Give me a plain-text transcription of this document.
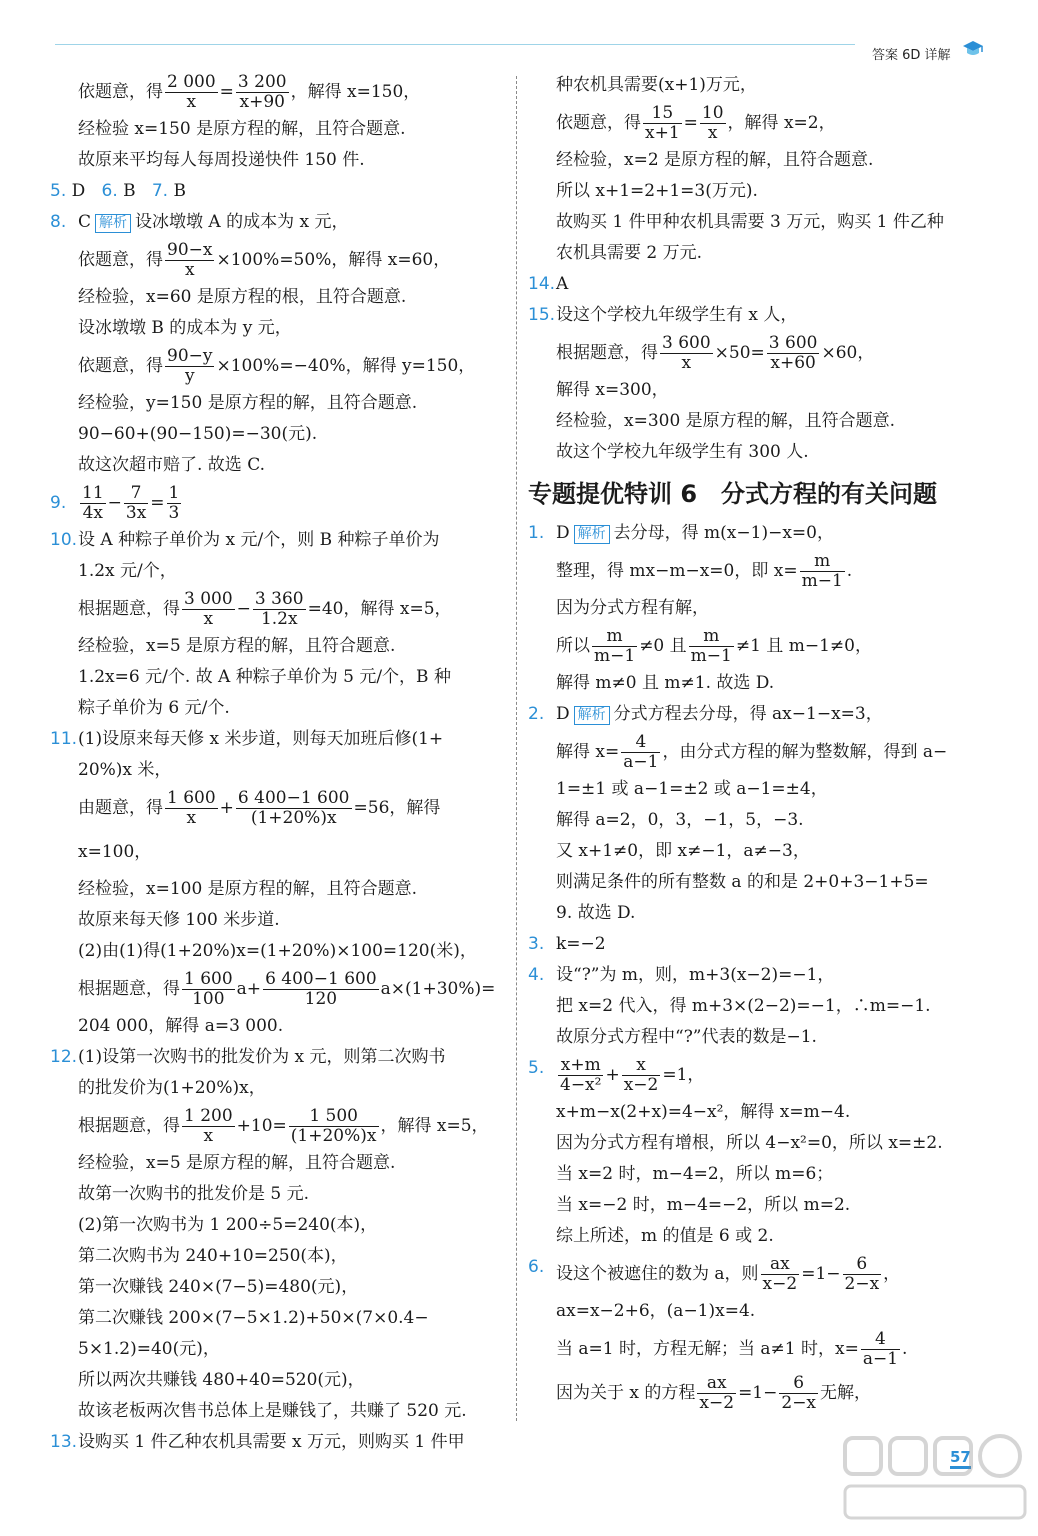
答案 6D 详解
依题意，得 $\frac{2 000}{x} = \frac{3 200}{x+90}$ ，解得 x=150，
经检验 x=150 是原方程的解，且符合题意.
故原来平均每人每周投递快件 150 件.
5. D 6. B 7. B
8. C 解析 设冰墩墩 A 的成本为 x 元，
依题意，得 $\frac{90-x}{x} \times 100\%=50\%$，解得 x=60，
经检验，x=60 是原方程的根，且符合题意.
设冰墩墩 B 的成本为 y 元，
依题意，得 $\frac{90-y}{y} \times 100\%=-40\%$，解得 y=150，
经检验，y=150 是原方程的解，且符合题意.
90−60+(90−150)=−30(元).
故这次超市赔了. 故选 C.
9. $\frac{11}{4x} - \frac{7}{3x} = \frac{1}{3}$
10. 设 A 种粽子单价为 x 元/个，则 B 种粽子单价为
1.2x 元/个，
根据题意，得 $\frac{3 000}{x} - \frac{3 360}{1.2x} =40$，解得 x=5，
经检验，x=5 是原方程的解，且符合题意.
1.2x=6 元/个. 故 A 种粽子单价为 5 元/个，B 种
粽子单价为 6 元/个.
11. (1)设原来每天修 x 米步道，则每天加班后修(1+
20%)x 米，
由题意，得 $\frac{1 600}{x} + \frac{6 400-1 600}{(1+20\%)x} =56$，解得 x=100，
经检验，x=100 是原方程的解，且符合题意.
故原来每天修 100 米步道.
(2)由(1)得(1+20%)x=(1+20%)×100=120(米)，
根据题意，得 $\frac{1 600}{100} a+ \frac{6 400-1 600}{120} a\times(1+30\%)=$
204 000，解得 a=3 000.
12. (1)设第一次购书的批发价为 x 元，则第二次购书
的批发价为(1+20%)x，
根据题意，得 $\frac{1 200}{x} +10= \frac{1 500}{(1+20\%)x}$ ，解得 x=5，
经检验，x=5 是原方程的解，且符合题意.
故第一次购书的批发价是 5 元.
(2)第一次购书为 1 200÷5=240(本)，
第二次购书为 240+10=250(本)，
第一次赚钱 240×(7−5)=480(元)，
第二次赚钱 200×(7−5×1.2)+50×(7×0.4−
5×1.2)=40(元)，
所以两次共赚钱 480+40=520(元)，
故该老板两次售书总体上是赚钱了，共赚了 520 元.
13. 设购买 1 件乙种农机具需要 x 万元，则购买 1 件甲
种农机具需要(x+1)万元，
依题意，得 $\frac{15}{x+1} = \frac{10}{x}$ ，解得 x=2，
经检验，x=2 是原方程的解，且符合题意.
所以 x+1=2+1=3(万元).
故购买 1 件甲种农机具需要 3 万元，购买 1 件乙种
农机具需要 2 万元.
14. A
15. 设这个学校九年级学生有 x 人，
根据题意，得 $\frac{3 600}{x} \times 50= \frac{3 600}{x+60} \times 60$，
解得 x=300，
经检验，x=300 是原方程的解，且符合题意.
故这个学校九年级学生有 300 人.
专题提优特训 6　分式方程的有关问题
1. D 解析 去分母，得 m(x−1)−x=0，
整理，得 mx−m−x=0，即 $x= \frac{m}{m-1}$ .
因为分式方程有解，
所以 $\frac{m}{m-1} \ne 0$ 且 $\frac{m}{m-1} \ne 1$ 且 m−1≠0，
解得 m≠0 且 m≠1. 故选 D.
2. D 解析 分式方程去分母，得 ax−1−x=3，
解得 $x= \frac{4}{a-1}$ ，由分式方程的解为整数解，得到 a−
1=±1 或 a−1=±2 或 a−1=±4，
解得 a=2，0，3，−1，5，−3.
又 x+1≠0，即 x≠−1，a≠−3，
则满足条件的所有整数 a 的和是 2+0+3−1+5=
9. 故选 D.
3. k=−2
4. 设“?”为 m，则，m+3(x−2)=−1，
把 x=2 代入，得 m+3×(2−2)=−1，∴m=−1.
故原分式方程中“?”代表的数是−1.
5. $\frac{x+m}{\text{4−x²}} + \frac{x}{x-2} =1$，
x+m−x(2+x)=4−x²，解得 x=m−4.
因为分式方程有增根，所以 4−x²=0，所以 x=±2.
当 x=2 时，m−4=2，所以 m=6；
当 x=−2 时，m−4=−2，所以 m=2.
综上所述，m 的值是 6 或 2.
6. 设这个被遮住的数为 a，则 $\frac{ax}{x-2} =1- \frac{6}{2-x}$ ，
ax=x−2+6，(a−1)x=4.
当 a=1 时，方程无解；当 a≠1 时，$x= \frac{4}{a-1}$ .
因为关于 x 的方程 $\frac{ax}{x-2} =1- \frac{6}{2-x}$ 无解，
57
